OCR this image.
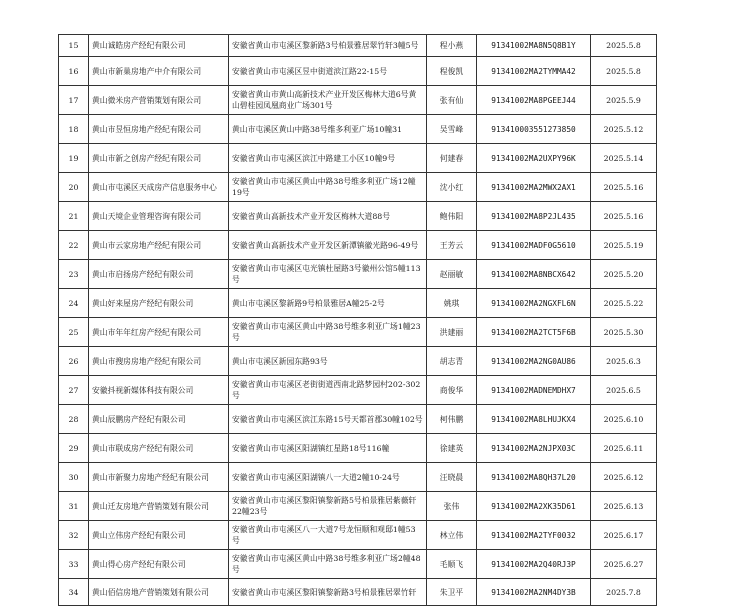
15	黄山诚皓房产经纪有限公司	安徽省黄山市屯溪区黎新路3号柏景雅居翠竹轩3幢5号	程小燕	91341002MA8N5Q8B1Y	2025.5.8
16	黄山市新巢房地产中介有限公司	安徽省黄山市屯溪区昱中街道滨江路22-15号	程俊凯	91341002MA2TYMMA42	2025.5.8
17	黄山微米房产营销策划有限公司	安徽省黄山市黄山高新技术产业开发区梅林大道6号黄山碧桂园凤凰商业广场301号	张有仙	91341002MA8PGEEJ44	2025.5.9
18	黄山市昱恒房地产经纪有限公司	黄山市屯溪区黄山中路38号维多利亚广场10幢31	吴雪峰	913410003551273850	2025.5.12
19	黄山市新之创房产经纪有限公司	安徽省黄山市屯溪区滨江中路建工小区10幢9号	何建春	91341002MA2UXPY96K	2025.5.14
20	黄山市屯溪区天成房产信息服务中心	安徽省黄山市屯溪区黄山中路38号维多利亚广场12幢19号	沈小红	91341002MA2MWX2AX1	2025.5.16
21	黄山天境企业管理咨询有限公司	安徽省黄山高新技术产业开发区梅林大道88号	鲍伟阳	91341002MA8P2JL435	2025.5.16
22	黄山市云家房地产经纪有限公司	安徽省黄山高新技术产业开发区新潭镇徽光路96-49号	王芳云	91341002MADF0G5610	2025.5.19
23	黄山市启扬房产经纪有限公司	安徽省黄山市屯溪区屯光镇杜屋路3号徽州公馆5幢113号	赵丽敏	91341002MA8NBCX642	2025.5.20
24	黄山好来屋房产经纪有限公司	黄山市屯溪区黎新路9号柏景雅居A幢25-2号	姚琪	91341002MA2NGXFL6N	2025.5.22
25	黄山市年年红房产经纪有限公司	安徽省黄山市屯溪区黄山中路38号维多利亚广场1幢23号	洪建丽	91341002MA2TCT5F6B	2025.5.30
26	黄山市搜房房地产经纪有限公司	黄山市屯溪区新园东路93号	胡志青	91341002MA2NG0AU86	2025.6.3
27	安徽抖视新媒体科技有限公司	安徽省黄山市屯溪区老街街道西南北路梦园村202-302号	商俊华	91341002MADNEMDHX7	2025.6.5
28	黄山辰鹏房产经纪有限公司	安徽省黄山市屯溪区滨江东路15号天都首郡30幢102号	柯伟鹏	91341002MA8LHUJKX4	2025.6.10
29	黄山市联成房产经纪有限公司	安徽省黄山市屯溪区阳湖镇红星路18号116幢	徐建英	91341002MA2NJPX03C	2025.6.11
30	黄山市新聚力房地产经纪有限公司	安徽省黄山市屯溪区阳湖镇八一大道2幢10-24号	汪晓晨	91341002MA8QH37L20	2025.6.12
31	黄山迁友房地产营销策划有限公司	安徽省黄山市屯溪区黎阳镇黎新路5号柏景雅居紫薇轩22幢23号	张伟	91341002MA2XK35D61	2025.6.13
32	黄山立伟房产经纪有限公司	安徽省黄山市屯溪区八一大道7号龙恒顺和观邸1幢53号	林立伟	91341002MA2TYF0032	2025.6.17
33	黄山得心房产经纪有限公司	安徽省黄山市屯溪区黄山中路38号维多利亚广场2幢48号	毛顺飞	91341002MA2Q40RJ3P	2025.6.27
34	黄山佰信房地产营销策划有限公司	安徽省黄山市屯溪区黎阳镇黎新路3号柏景雅居翠竹轩	朱卫平	91341002MA2NM4DY3B	2025.7.8
